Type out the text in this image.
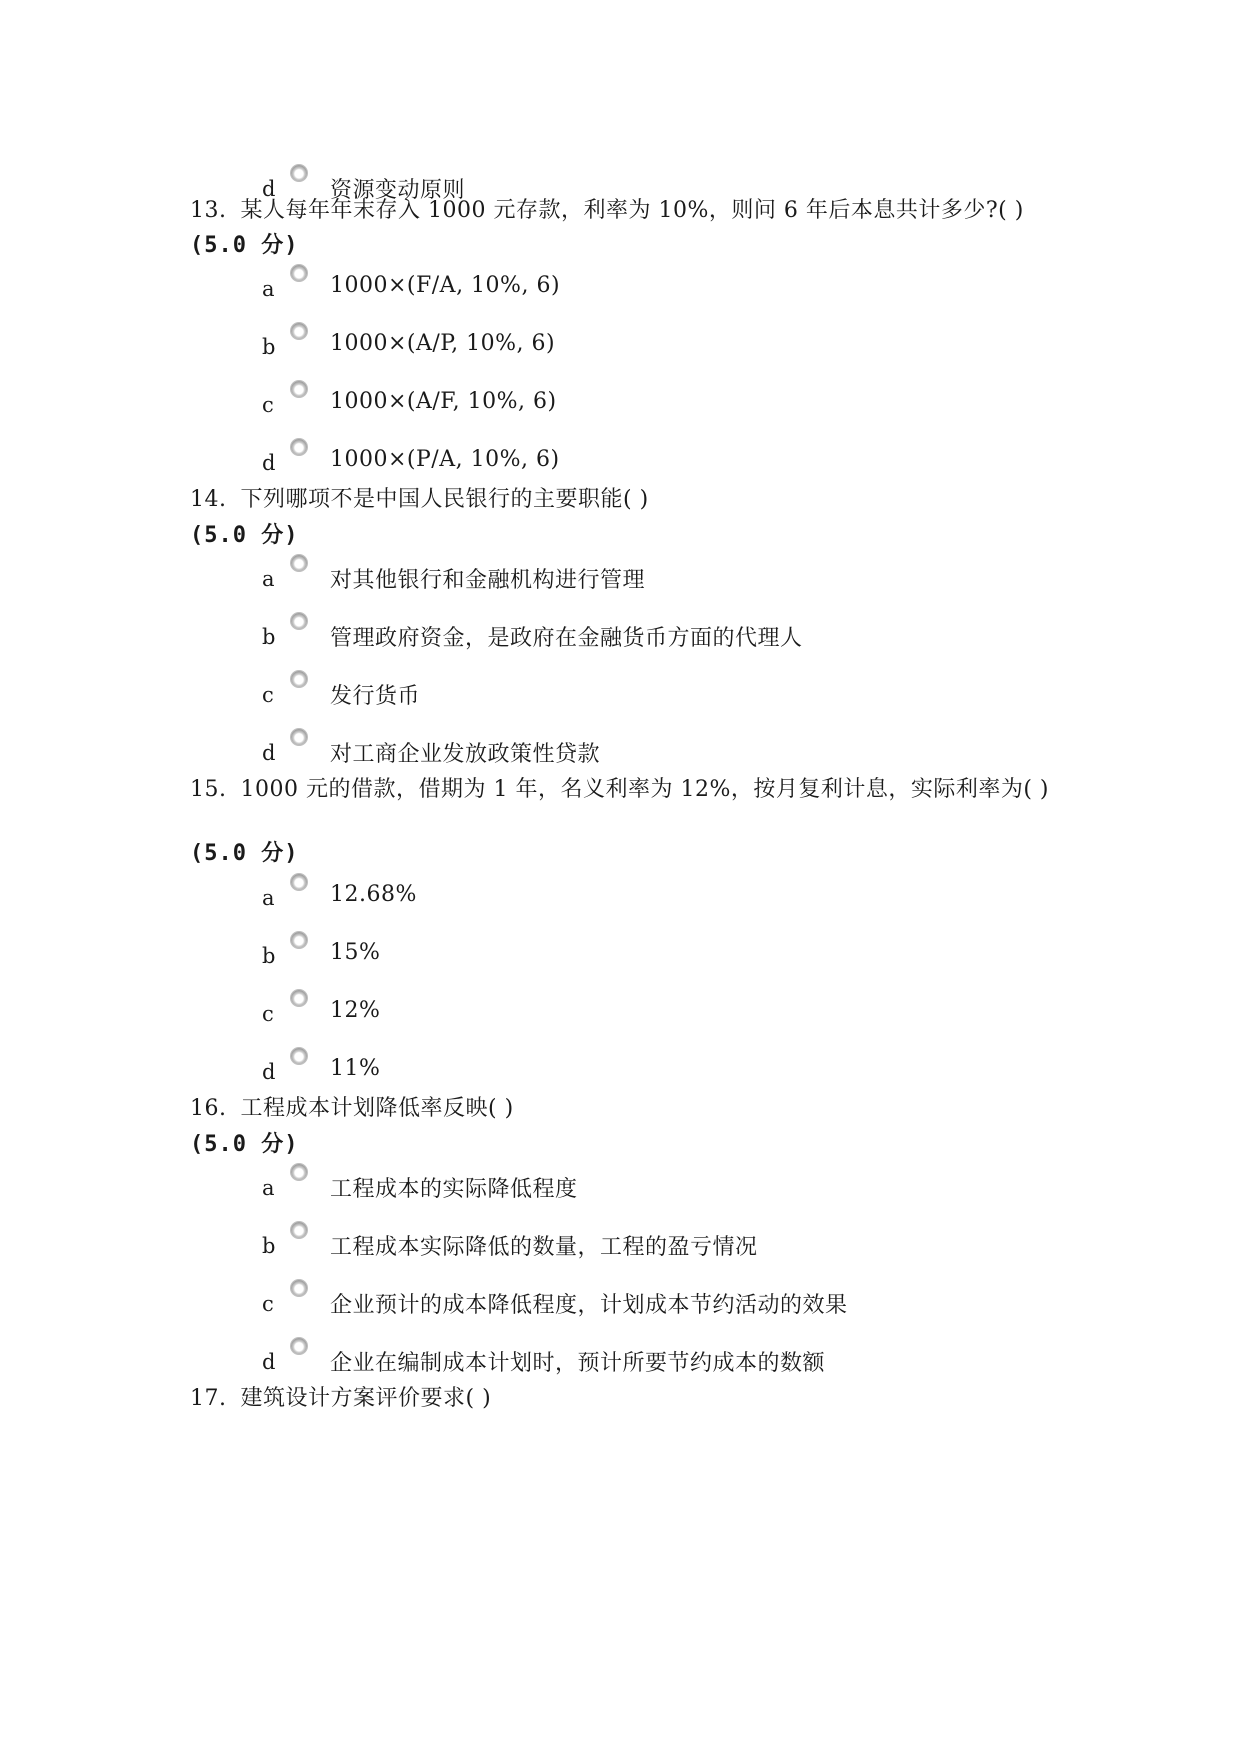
d 资源变动原则
13. 某人每年年末存入 1000 元存款，利率为 10%，则问 6 年后本息共计多少?( )
(5.0 分)
a	1000×(F/A, 10%, 6)
b 1000×(A/P, 10%, 6)
c	1000×(A/F, 10%, 6)
d 1000×(P/A, 10%, 6)
14. 下列哪项不是中国人民银行的主要职能( )
(5.0 分)
a	对其他银行和金融机构进行管理
b 管理政府资金，是政府在金融货币方面的代理人
c	发行货币
d 对工商企业发放政策性贷款
15. 1000 元的借款，借期为 1 年，名义利率为 12%，按月复利计息，实际利率为( )
(5.0 分)
a	12.68%
b 15%
c	12%
d 11%
16. 工程成本计划降低率反映( )
(5.0 分)
a	工程成本的实际降低程度
b 工程成本实际降低的数量，工程的盈亏情况
c	企业预计的成本降低程度，计划成本节约活动的效果
d 企业在编制成本计划时，预计所要节约成本的数额
17. 建筑设计方案评价要求( )
